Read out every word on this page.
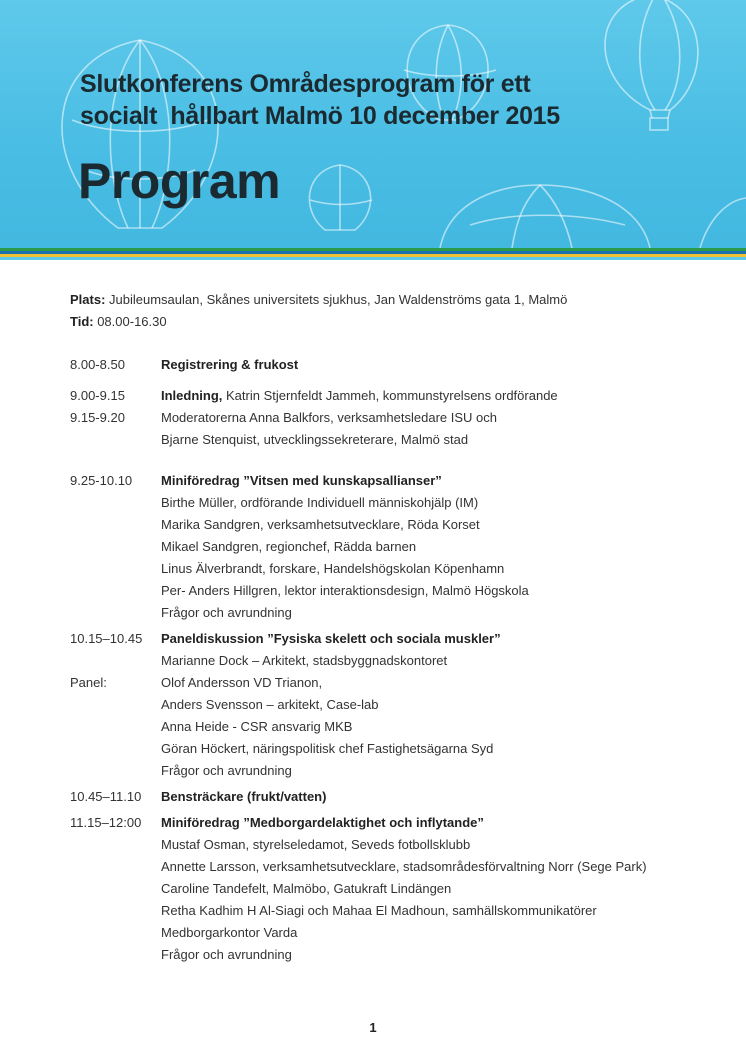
Slutkonferens Områdesprogram för ett
socialt  hållbart Malmö 10 december 2015
Program
Plats: Jubileumsaulan, Skånes universitets sjukhus, Jan Waldenströms gata 1, Malmö
Tid: 08.00-16.30
8.00-8.50	Registrering & frukost
9.00-9.15	Inledning, Katrin Stjernfeldt Jammeh, kommunstyrelsens ordförande
9.15-9.20	Moderatorerna Anna Balkfors, verksamhetsledare ISU och
Bjarne Stenquist, utvecklingssekreterare, Malmö stad
9.25-10.10	Miniföredrag ”Vitsen med kunskapsallianser”
Birthe Müller, ordförande Individuell människohjälp (IM)
Marika Sandgren, verksamhetsutvecklare, Röda Korset
Mikael Sandgren, regionchef, Rädda barnen
Linus Älverbrandt, forskare, Handelshögskolan Köpenhamn
Per- Anders Hillgren, lektor interaktionsdesign, Malmö Högskola
Frågor och avrundning
10.15–10.45	Paneldiskussion ”Fysiska skelett och sociala muskler”
Marianne Dock – Arkitekt, stadsbyggnadskontoret
Panel:	Olof Andersson VD Trianon,
Anders Svensson – arkitekt, Case-lab
Anna Heide - CSR ansvarig MKB
Göran Höckert, näringspolitisk chef Fastighetsägarna Syd
Frågor och avrundning
10.45–11.10	Bensträckare (frukt/vatten)
11.15–12:00	Miniföredrag ”Medborgardelaktighet och inflytande”
Mustaf Osman, styrelseledamot, Seveds fotbollsklubb
Annette Larsson, verksamhetsutvecklare, stadsområdesförvaltning Norr (Sege Park)
Caroline Tandefelt, Malmöbo, Gatukraft Lindängen
Retha Kadhim H Al-Siagi och Mahaa El Madhoun, samhällskommunikatörer
Medborgarkontor Varda
Frågor och avrundning
1
